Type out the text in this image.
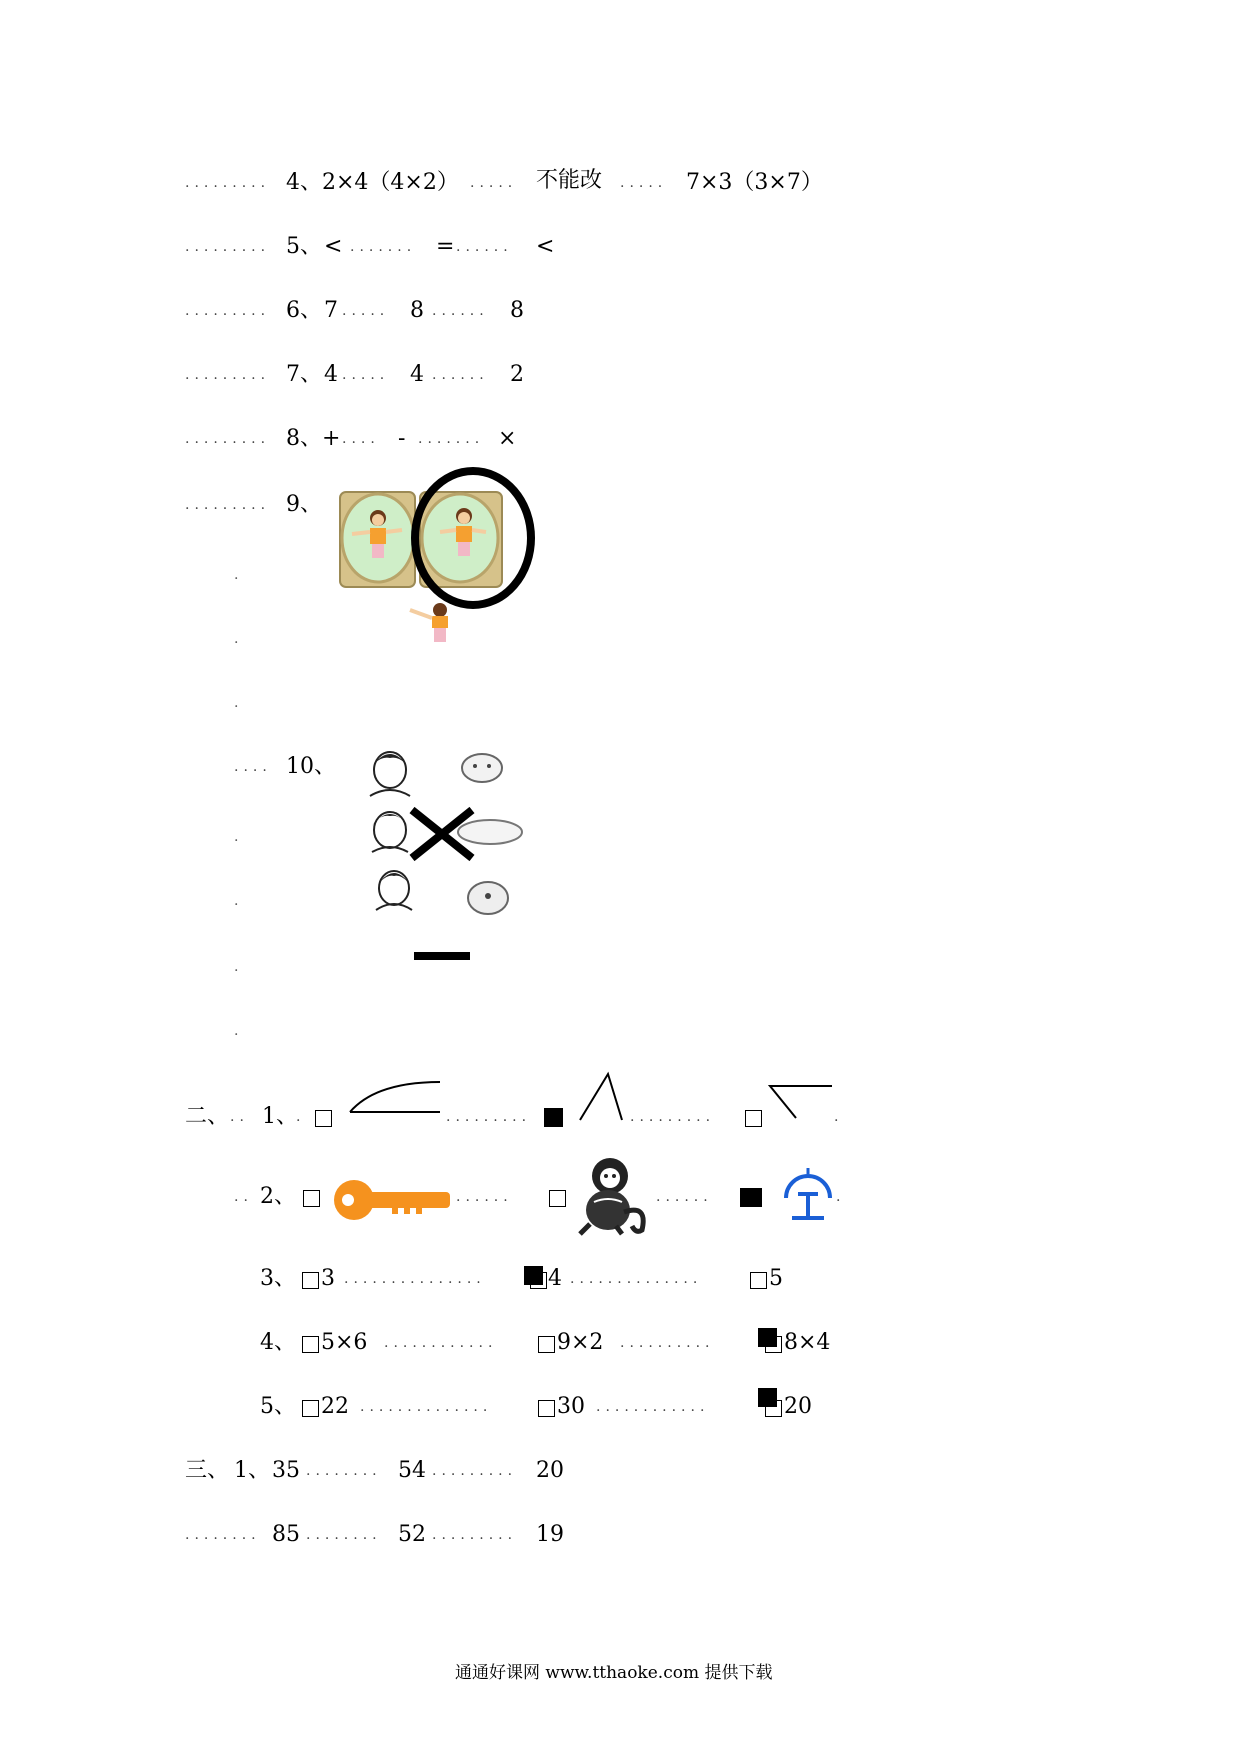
......... 4、 2×4（4×2） ..... 不能改 ..... 7×3（3×7）
......... 5、 < ....... = ...... <
......... 6、 7 ..... 8 ...... 8
......... 7、 4 ..... 4 ...... 2
......... 8、 + .... - ....... ×
......... 9、
.
.
.
.... 10、
.
.
.
.
二、 .. 1、
.	.........	.........	.
.. 2、	......	......	.
3、 3 ...............	4 ..............	5
4、 5×6 ............	9×2 ..........	8×4
5、 22 ..............	30 ............	20
三、 1、 35 ........ 54 ......... 20
........ 85 ........ 52 ......... 19
通通好课网 www.tthaoke.com 提供下载
